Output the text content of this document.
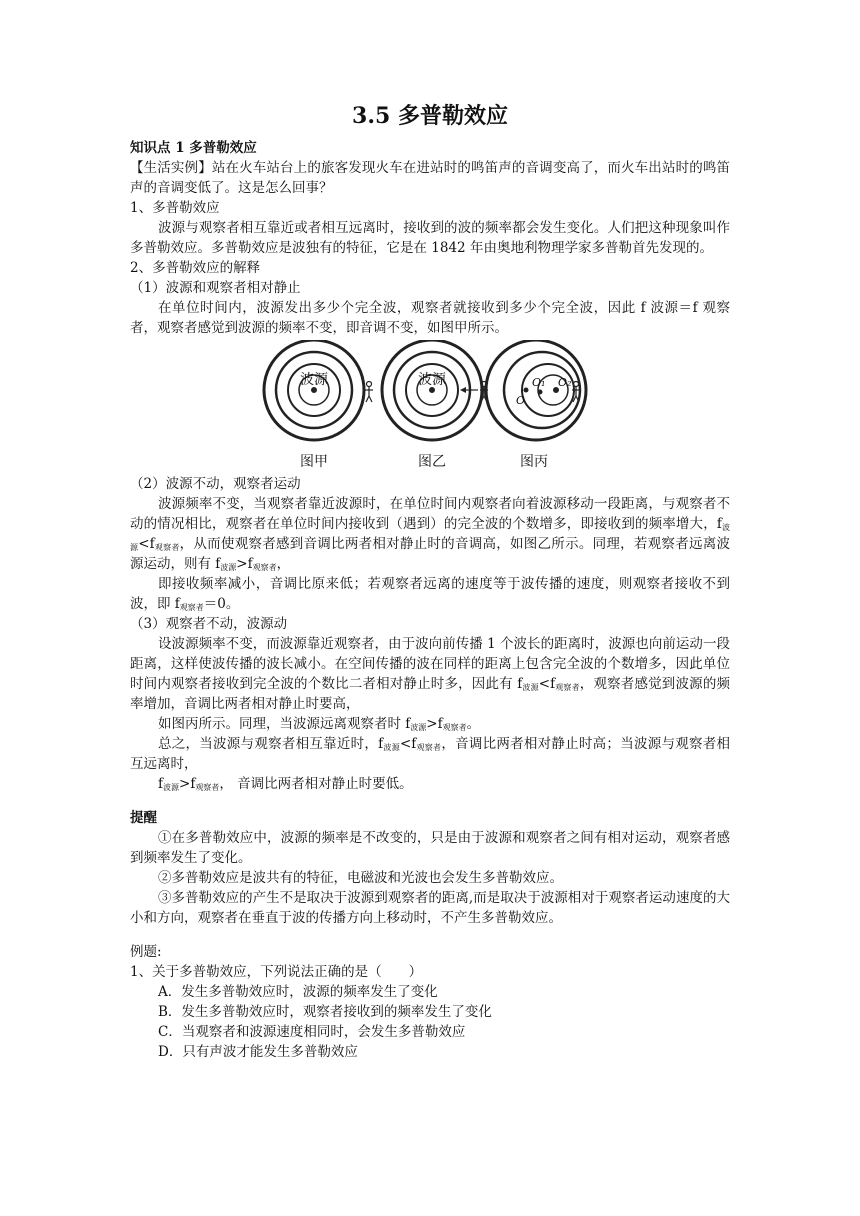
3.5 多普勒效应

知识点 1 多普勒效应

【生活实例】站在火车站台上的旅客发现火车在进站时的鸣笛声的音调变高了，而火车出站时的鸣笛声的音调变低了。这是怎么回事？

1、多普勒效应

波源与观察者相互靠近或者相互远离时，接收到的波的频率都会发生变化。人们把这种现象叫作多普勒效应。多普勒效应是波独有的特征，它是在 1842 年由奥地利物理学家多普勒首先发现的。

2、多普勒效应的解释

（1）波源和观察者相对静止

在单位时间内，波源发出多少个完全波，观察者就接收到多少个完全波，因此 f 波源＝f 观察者，观察者感觉到波源的频率不变，即音调不变，如图甲所示。

波源
图甲
波源
图乙
O
O₁ O₂
图丙

（2）波源不动，观察者运动

波源频率不变，当观察者靠近波源时，在单位时间内观察者向着波源移动一段距离，与观察者不动的情况相比，观察者在单位时间内接收到（遇到）的完全波的个数增多，即接收到的频率增大，$f_{波源}<f_{观察者}$，从而使观察者感到音调比两者相对静止时的音调高，如图乙所示。同理，若观察者远离波源运动，则有 $f_{波源}>f_{观察者}$，

即接收频率减小，音调比原来低；若观察者远离的速度等于波传播的速度，则观察者接收不到波，即 $f_{观察者}=0$。

（3）观察者不动，波源动

设波源频率不变，而波源靠近观察者，由于波向前传播 1 个波长的距离时，波源也向前运动一段距离，这样使波传播的波长减小。在空间传播的波在同样的距离上包含完全波的个数增多，因此单位时间内观察者接收到完全波的个数比二者相对静止时多，因此有 $f_{波源}<f_{观察者}$，观察者感觉到波源的频率增加，音调比两者相对静止时要高，

如图丙所示。同理，当波源远离观察者时 $f_{波源}>f_{观察者}$。

总之，当波源与观察者相互靠近时，$f_{波源}<f_{观察者}$，音调比两者相对静止时高；当波源与观察者相互远离时，

$f_{波源}>f_{观察者}$， 音调比两者相对静止时要低。

提醒

①在多普勒效应中，波源的频率是不改变的，只是由于波源和观察者之间有相对运动，观察者感到频率发生了变化。

②多普勒效应是波共有的特征，电磁波和光波也会发生多普勒效应。

③多普勒效应的产生不是取决于波源到观察者的距离,而是取决于波源相对于观察者运动速度的大小和方向，观察者在垂直于波的传播方向上移动时，不产生多普勒效应。

例题:

1、关于多普勒效应，下列说法正确的是（　　）

A．发生多普勒效应时，波源的频率发生了变化

B．发生多普勒效应时，观察者接收到的频率发生了变化

C．当观察者和波源速度相同时，会发生多普勒效应

D．只有声波才能发生多普勒效应
